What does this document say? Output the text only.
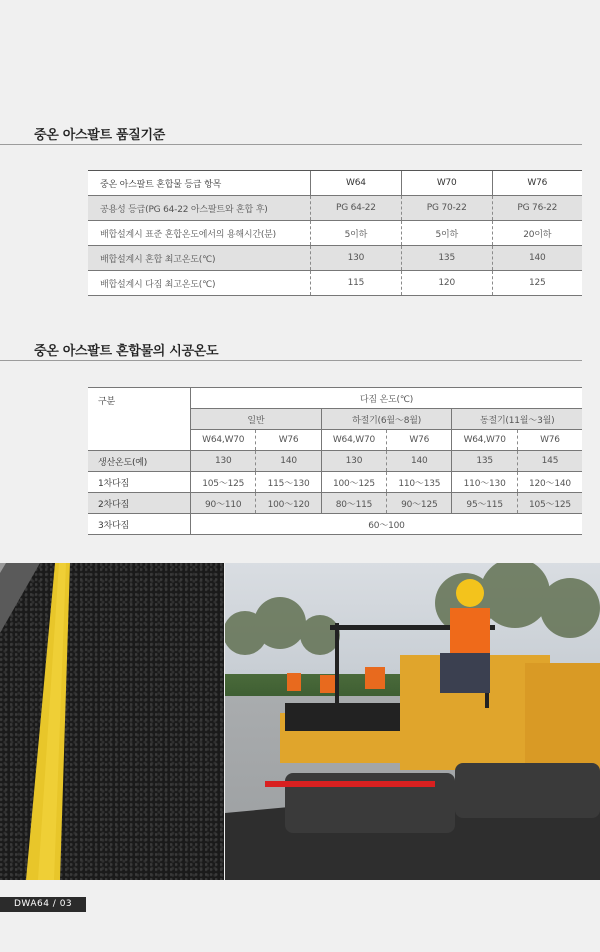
중온 아스팔트 품질기준
중온 아스팔트 혼합물 등급 항목	W64	W70	W76
공용성 등급(PG 64-22 아스팔트와 혼합 후)	PG 64-22	PG 70-22	PG 76-22
배합설계시 표준 혼합온도에서의 용해시간(분)	5이하	5이하	20이하
배합설계시 혼합 최고온도(℃)	130	135	140
배합설계시 다짐 최고온도(℃)	115	120	125
중온 아스팔트 혼합물의 시공온도
구분	다짐 온도(℃)					
	일반		하절기(6월～8월)		동절기(11월～3월)	
	W64,W70	W76	W64,W70	W76	W64,W70	W76
생산온도(예)	130	140	130	140	135	145
1차다짐	105～125	115～130	100～125	110～135	110～130	120～140
2차다짐	90～110	100～120	80～115	90～125	95～115	105～125
3차다짐	60～100					
DWA64 / 03
